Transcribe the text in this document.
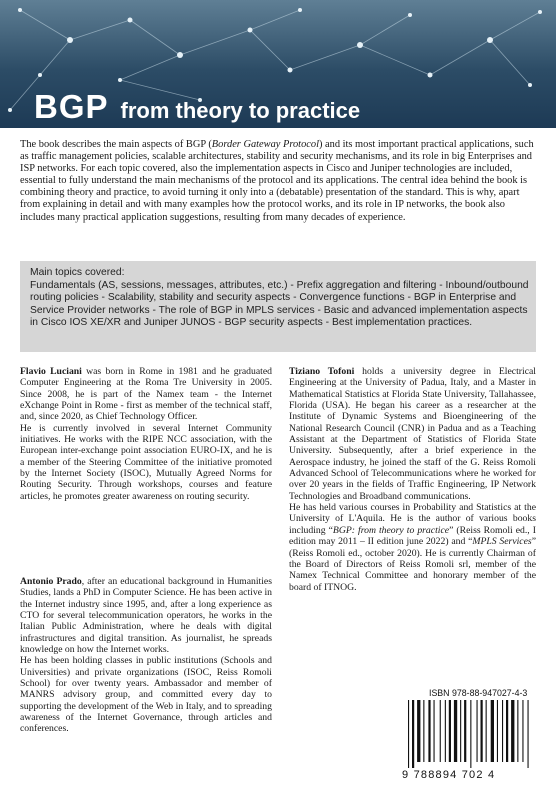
BGP from theory to practice

The book describes the main aspects of BGP (Border Gateway Protocol) and its most important practical applications, such as traffic management policies, scalable architectures, stability and security mechanisms, and its role in big Enterprises and ISP networks. For each topic covered, also the implementation aspects in Cisco and Juniper technologies are included, essential to fully understand the main mechanisms of the protocol and its applications. The central idea behind the book is combining theory and practice, to avoid turning it only into a (debatable) presentation of the standard. This is why, apart from explaining in detail and with many examples how the protocol works, and its role in IP networks, the book also includes many practical application suggestions, resulting from many decades of experience.

Main topics covered:
Fundamentals (AS, sessions, messages, attributes, etc.) - Prefix aggregation and filtering - Inbound/outbound routing policies - Scalability, stability and security aspects - Convergence functions - BGP in Enterprise and Service Provider networks - The role of BGP in MPLS services - Basic and advanced implementation aspects in Cisco IOS XE/XR and Juniper JUNOS - BGP security aspects - Best implementation practices.

Flavio Luciani was born in Rome in 1981 and he graduated Computer Engineering at the Roma Tre University in 2005. Since 2008, he is part of the Namex team - the Internet eXchange Point in Rome - first as member of the technical staff, and, since 2020, as Chief Technology Officer.

He is currently involved in several Internet Community initiatives. He works with the RIPE NCC association, with the European inter-exchange point association EURO-IX, and he is a member of the Steering Committee of the initiative promoted by the Internet Society (ISOC), Mutually Agreed Norms for Routing Security. Through workshops, courses and feature articles, he promotes greater awareness on routing security.

Antonio Prado, after an educational background in Humanities Studies, lands a PhD in Computer Science. He has been active in the Internet industry since 1995, and, after a long experience as CTO for several telecommunication operators, he works in the Italian Public Administration, where he deals with digital infrastructures and digital transition. As journalist, he spreads knowledge on how the Internet works.

He has been holding classes in public institutions (Schools and Universities) and private organizations (ISOC, Reiss Romoli School) for over twenty years. Ambassador and member of MANRS advisory group, and committed every day to supporting the development of the Web in Italy, and to spreading awareness of the Internet Governance, through articles and conferences.

Tiziano Tofoni holds a university degree in Electrical Engineering at the University of Padua, Italy, and a Master in Mathematical Statistics at Florida State University, Tallahassee, Florida (USA). He began his career as a researcher at the Institute of Dynamic Systems and Bioengineering of the National Research Council (CNR) in Padua and as a Teaching Assistant at the Department of Statistics of Florida State University. Subsequently, after a brief experience in the Aerospace industry, he joined the staff of the G. Reiss Romoli Advanced School of Telecommunications where he worked for over 20 years in the fields of Traffic Engineering, IP Network Technologies and Broadband communications.

He has held various courses in Probability and Statistics at the University of L'Aquila. He is the author of various books including “BGP: from theory to practice” (Reiss Romoli ed., I edition may 2011 – II edition june 2022) and “MPLS Services” (Reiss Romoli ed., october 2020). He is currently Chairman of the Board of Directors of Reiss Romoli srl, member of the Namex Technical Committee and honorary member of the board of ITNOG.

ISBN 978-88-947027-4-3
9 788894 702 4
